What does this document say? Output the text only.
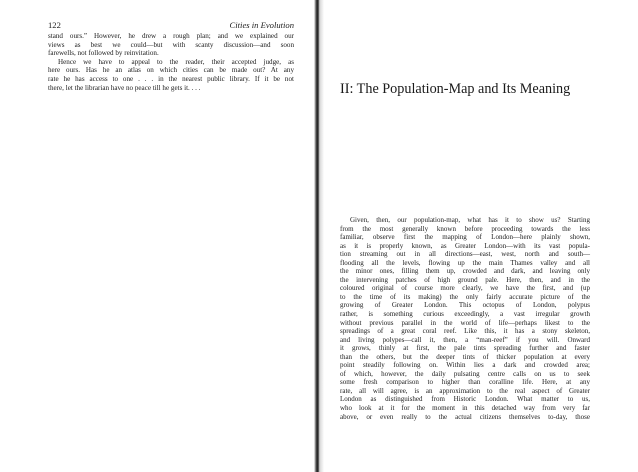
122	Cities in Evolution

stand ours.” However, he drew a rough plan; and we explained our
views as best we could—but with scanty discussion—and soon
farewells, not followed by reinvitation.

Hence we have to appeal to the reader, their accepted judge, as
here ours. Has he an atlas on which cities can be made out? At any
rate he has access to one . . . in the nearest public library. If it be not
there, let the librarian have no peace till he gets it. . . .	II: The Population-Map and Its Meaning

Given, then, our population-map, what has it to show us? Starting
from the most generally known before proceeding towards the less
familiar, observe first the mapping of London—here plainly shown,
as it is properly known, as Greater London—with its vast popula-
tion streaming out in all directions—east, west, north and south—
flooding all the levels, flowing up the main Thames valley and all
the minor ones, filling them up, crowded and dark, and leaving only
the intervening patches of high ground pale. Here, then, and in the
coloured original of course more clearly, we have the first, and (up
to the time of its making) the only fairly accurate picture of the
growing of Greater London. This octopus of London, polypus
rather, is something curious exceedingly, a vast irregular growth
without previous parallel in the world of life—perhaps likest to the
spreadings of a great coral reef. Like this, it has a stony skeleton,
and living polypes—call it, then, a “man-reef” if you will. Onward
it grows, thinly at first, the pale tints spreading further and faster
than the others, but the deeper tints of thicker population at every
point steadily following on. Within lies a dark and crowded area;
of which, however, the daily pulsating centre calls on us to seek
some fresh comparison to higher than coralline life. Here, at any
rate, all will agree, is an approximation to the real aspect of Greater
London as distinguished from Historic London. What matter to us,
who look at it for the moment in this detached way from very far
above, or even really to the actual citizens themselves to-day, those
